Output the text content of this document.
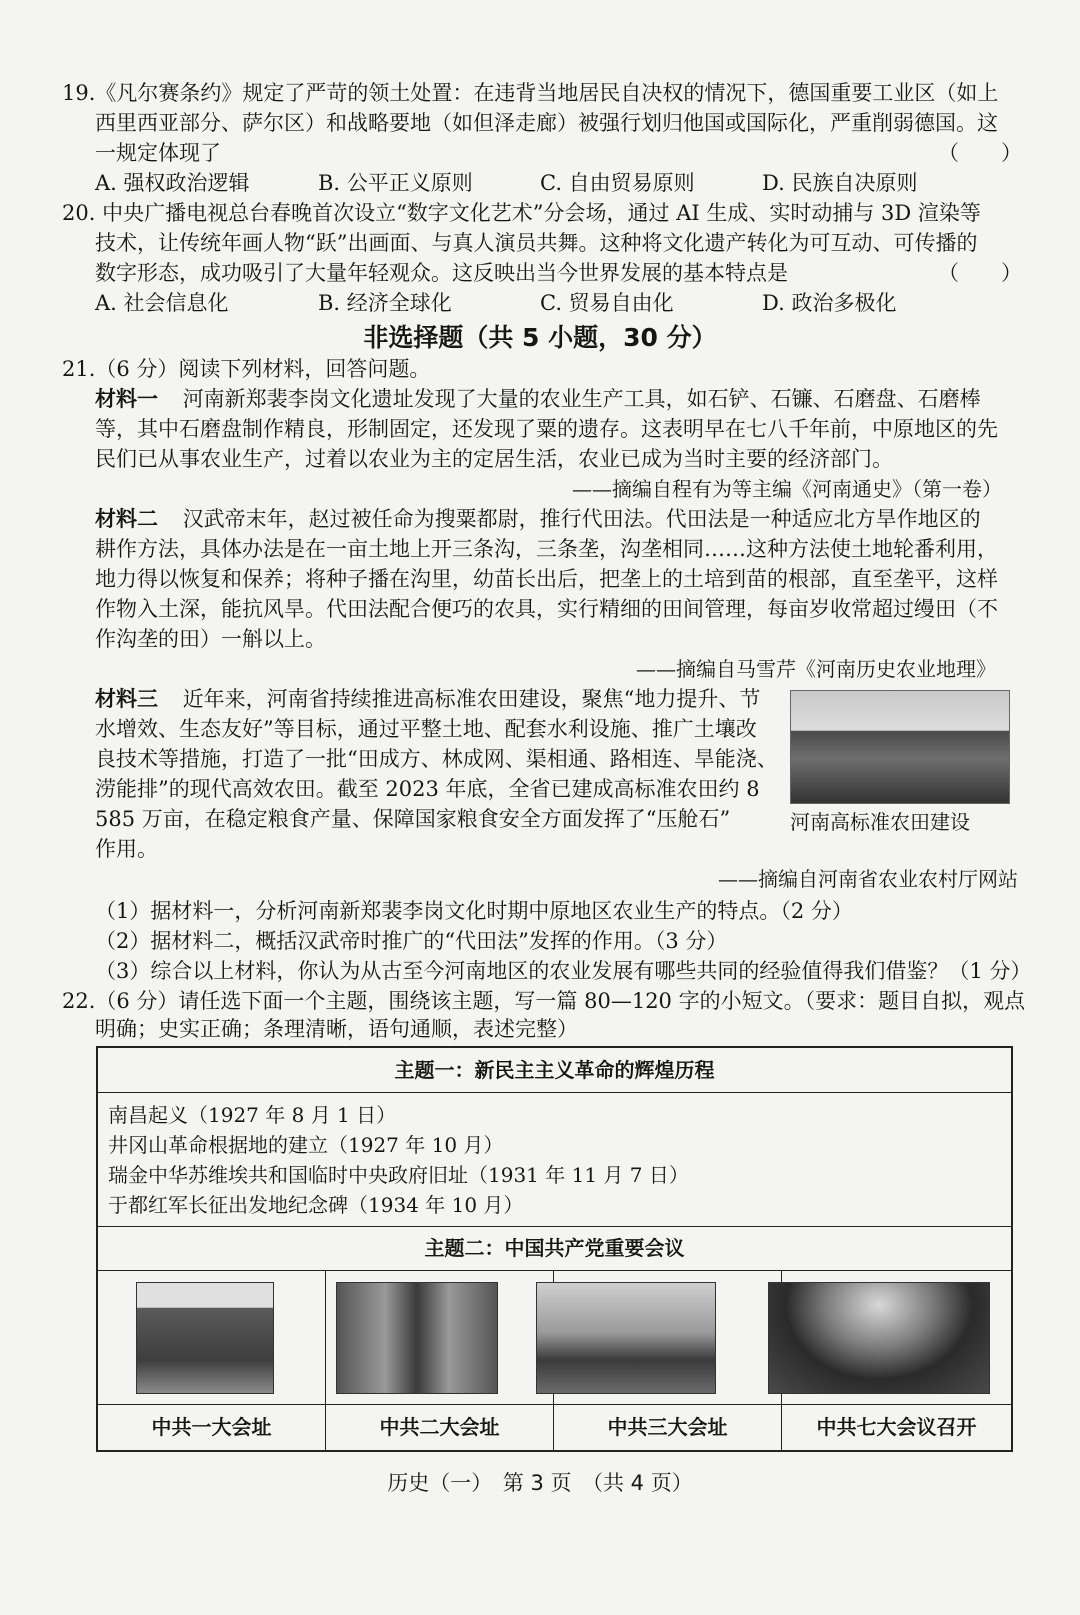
19.《凡尔赛条约》规定了严苛的领土处置：在违背当地居民自决权的情况下，德国重要工业区（如上
西里西亚部分、萨尔区）和战略要地（如但泽走廊）被强行划归他国或国际化，严重削弱德国。这
一规定体现了	（　　）
A. 强权政治逻辑	B. 公平正义原则	C. 自由贸易原则	D. 民族自决原则
20. 中央广播电视总台春晚首次设立“数字文化艺术”分会场，通过 AI 生成、实时动捕与 3D 渲染等
技术，让传统年画人物“跃”出画面、与真人演员共舞。这种将文化遗产转化为可互动、可传播的
数字形态，成功吸引了大量年轻观众。这反映出当今世界发展的基本特点是	（　　）
A. 社会信息化	B. 经济全球化	C. 贸易自由化	D. 政治多极化
非选择题（共 5 小题，30 分）
21.（6 分）阅读下列材料，回答问题。
材料一 河南新郑裴李岗文化遗址发现了大量的农业生产工具，如石铲、石镰、石磨盘、石磨棒
等，其中石磨盘制作精良，形制固定，还发现了粟的遗存。这表明早在七八千年前，中原地区的先
民们已从事农业生产，过着以农业为主的定居生活，农业已成为当时主要的经济部门。
——摘编自程有为等主编《河南通史》（第一卷）
材料二 汉武帝末年，赵过被任命为搜粟都尉，推行代田法。代田法是一种适应北方旱作地区的
耕作方法，具体办法是在一亩土地上开三条沟，三条垄，沟垄相同……这种方法使土地轮番利用，
地力得以恢复和保养；将种子播在沟里，幼苗长出后，把垄上的土培到苗的根部，直至垄平，这样
作物入土深，能抗风旱。代田法配合便巧的农具，实行精细的田间管理，每亩岁收常超过缦田（不
作沟垄的田）一斛以上。
——摘编自马雪芹《河南历史农业地理》
材料三 近年来，河南省持续推进高标准农田建设，聚焦“地力提升、节
水增效、生态友好”等目标，通过平整土地、配套水利设施、推广土壤改
良技术等措施，打造了一批“田成方、林成网、渠相通、路相连、旱能浇、
涝能排”的现代高效农田。截至 2023 年底，全省已建成高标准农田约 8
585 万亩，在稳定粮食产量、保障国家粮食安全方面发挥了“压舱石”
作用。
河南高标准农田建设
——摘编自河南省农业农村厅网站
（1）据材料一，分析河南新郑裴李岗文化时期中原地区农业生产的特点。（2 分）
（2）据材料二，概括汉武帝时推广的“代田法”发挥的作用。（3 分）
（3）综合以上材料，你认为从古至今河南地区的农业发展有哪些共同的经验值得我们借鉴？（1 分）
22.（6 分）请任选下面一个主题，围绕该主题，写一篇 80—120 字的小短文。（要求：题目自拟，观点
明确；史实正确；条理清晰，语句通顺，表述完整）
主题一：新民主主义革命的辉煌历程
南昌起义（1927 年 8 月 1 日）
井冈山革命根据地的建立（1927 年 10 月）
瑞金中华苏维埃共和国临时中央政府旧址（1931 年 11 月 7 日）
于都红军长征出发地纪念碑（1934 年 10 月）
主题二：中国共产党重要会议
中共一大会址	中共二大会址	中共三大会址	中共七大会议召开
历史（一）　第 3 页　（共 4 页）
